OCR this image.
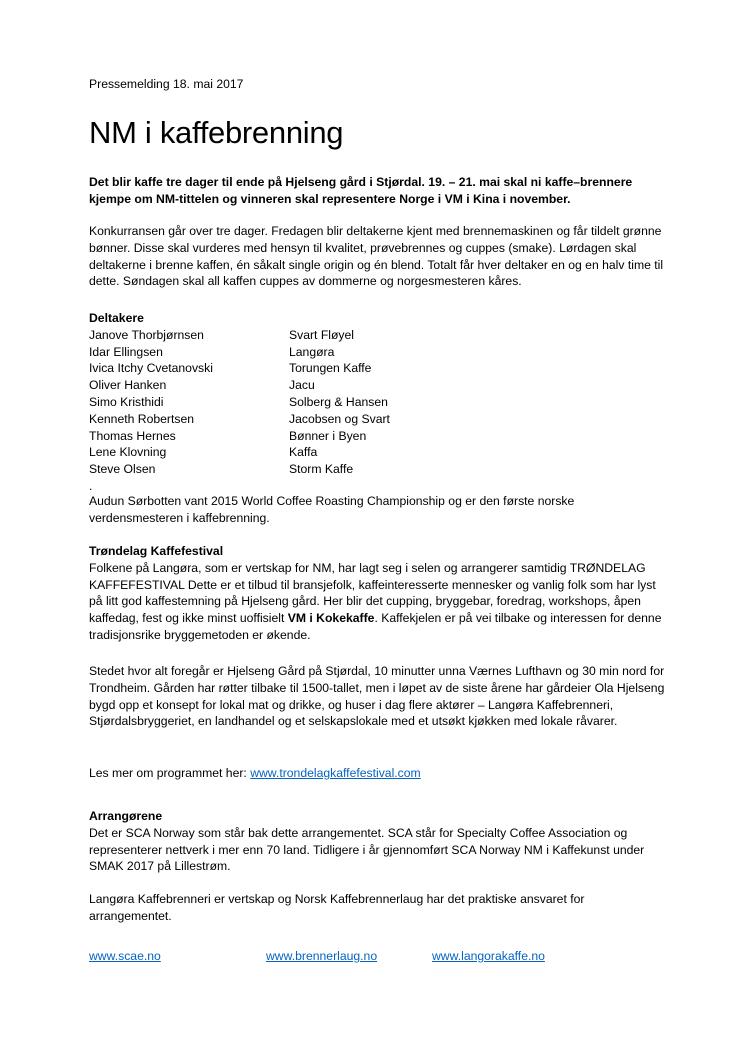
Pressemelding 18. mai 2017
NM i kaffebrenning

Det blir kaffe tre dager til ende på Hjelseng gård i Stjørdal. 19. – 21. mai skal ni kaffe–brennere kjempe om NM-tittelen og vinneren skal representere Norge i VM i Kina i november.

Konkurransen går over tre dager. Fredagen blir deltakerne kjent med brennemaskinen og får tildelt grønne bønner. Disse skal vurderes med hensyn til kvalitet, prøvebrennes og cuppes (smake). Lørdagen skal deltakerne i brenne kaffen, én såkalt single origin og én blend. Totalt får hver deltaker en og en halv time til dette. Søndagen skal all kaffen cuppes av dommerne og norgesmesteren kåres.

Deltakere
Janove Thorbjørnsen	Svart Fløyel
Idar Ellingsen	Langøra
Ivica Itchy Cvetanovski	Torungen Kaffe
Oliver Hanken	Jacu
Simo Kristhidi	Solberg & Hansen
Kenneth Robertsen	Jacobsen og Svart
Thomas Hernes	Bønner i Byen
Lene Klovning	Kaffa
Steve Olsen	Storm Kaffe
.

Audun Sørbotten vant 2015 World Coffee Roasting Championship og er den første norske verdensmesteren i kaffebrenning.

Trøndelag Kaffefestival

Folkene på Langøra, som er vertskap for NM, har lagt seg i selen og arrangerer samtidig TRØNDELAG KAFFEFESTIVAL Dette er et tilbud til bransjefolk, kaffeinteresserte mennesker og vanlig folk som har lyst på litt god kaffestemning på Hjelseng gård. Her blir det cupping, bryggebar, foredrag, workshops, åpen kaffedag, fest og ikke minst uoffisielt VM i Kokekaffe. Kaffekjelen er på vei tilbake og interessen for denne tradisjonsrike bryggemetoden er økende.

Stedet hvor alt foregår er Hjelseng Gård på Stjørdal, 10 minutter unna Værnes Lufthavn og 30 min nord for Trondheim. Gården har røtter tilbake til 1500-tallet, men i løpet av de siste årene har gårdeier Ola Hjelseng bygd opp et konsept for lokal mat og drikke, og huser i dag flere aktører – Langøra Kaffebrenneri, Stjørdalsbryggeriet, en landhandel og et selskapslokale med et utsøkt kjøkken med lokale råvarer.

Les mer om programmet her: www.trondelagkaffefestival.com

Arrangørene

Det er SCA Norway som står bak dette arrangementet. SCA står for Specialty Coffee Association og representerer nettverk i mer enn 70 land. Tidligere i år gjennomført SCA Norway NM i Kaffekunst under SMAK 2017 på Lillestrøm.

Langøra Kaffebrenneri er vertskap og Norsk Kaffebrennerlaug har det praktiske ansvaret for arrangementet.

www.scae.no	www.brennerlaug.no	www.langorakaffe.no
